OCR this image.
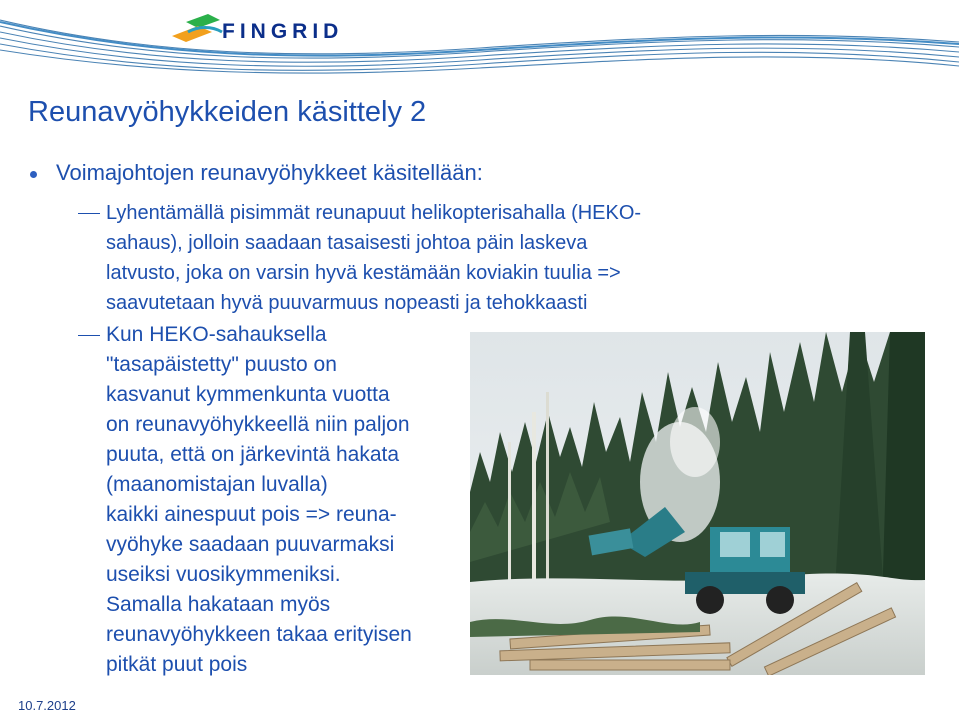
FINGRID
Reunavyöhykkeiden käsittely 2
Voimajohtojen reunavyöhykkeet käsitellään:
Lyhentämällä pisimmät reunapuut helikopterisahalla (HEKO-
sahaus), jolloin saadaan tasaisesti johtoa päin laskeva
latvusto, joka on varsin hyvä kestämään koviakin tuulia =>
saavutetaan hyvä puuvarmuus nopeasti ja tehokkaasti
Kun HEKO-sahauksella
"tasapäistetty" puusto on
kasvanut kymmenkunta vuotta
on reunavyöhykkeellä niin paljon
puuta, että on järkevintä hakata
(maanomistajan luvalla)
kaikki ainespuut pois => reuna-
vyöhyke saadaan puuvarmaksi
useiksi vuosikymmeniksi.
Samalla hakataan myös
reunavyöhykkeen takaa erityisen
pitkät puut pois
10.7.2012
